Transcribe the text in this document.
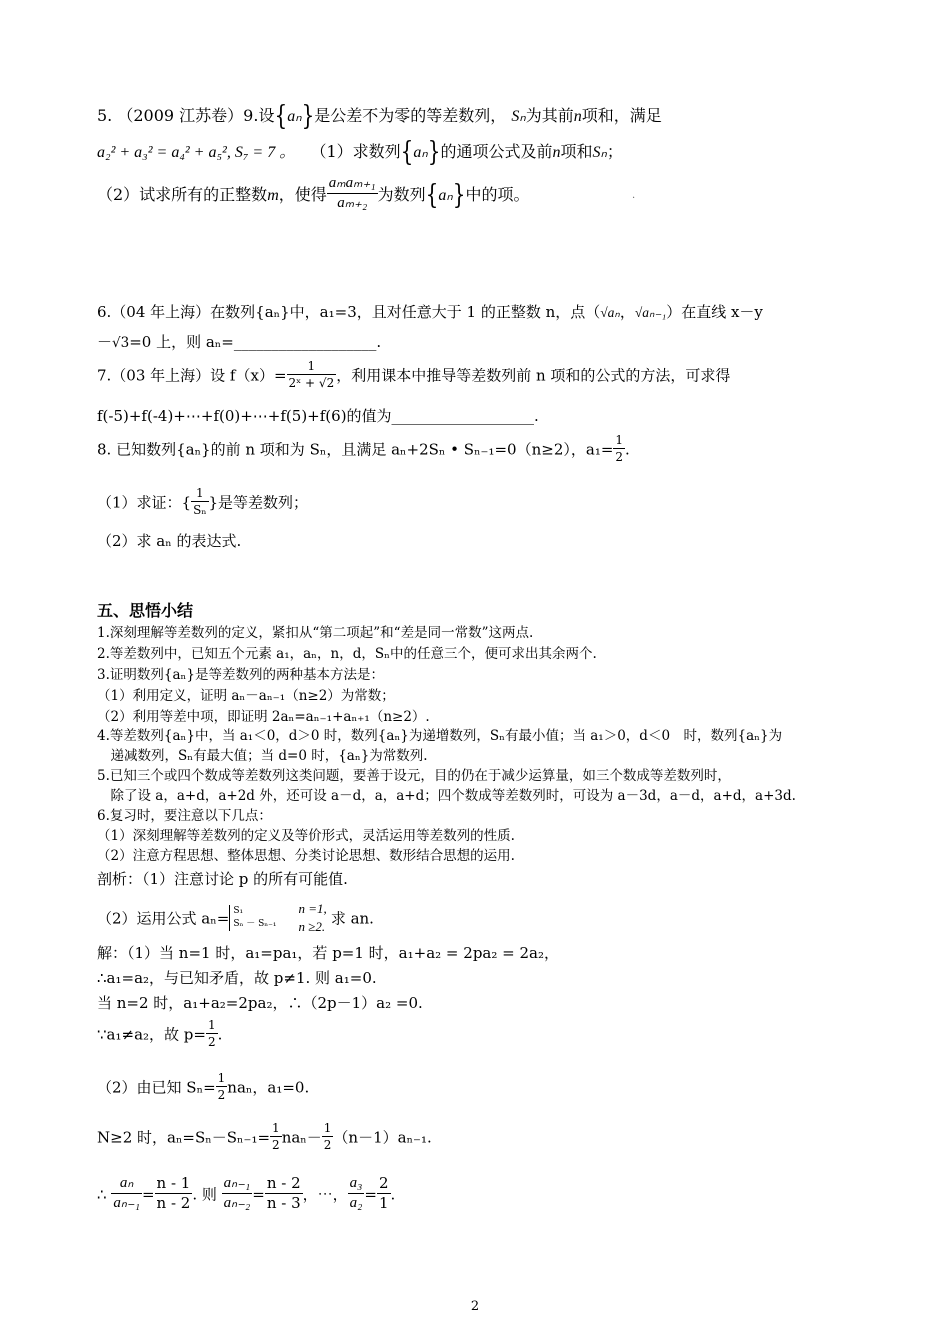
5. （2009 江苏卷）9.设{aₙ}是公差不为零的等差数列， Sₙ为其前n项和，满足
a₂² + a₃² = a₄² + a₅², S₇ = 7 。 （1）求数列{aₙ}的通项公式及前n项和Sₙ；
（2）试求所有的正整数m，使得 $\frac{\text{aₘaₘ₊₁}}{\text{aₘ₊₂}}$ 为数列{aₙ}中的项。	.
6.（04 年上海）在数列{aₙ}中，a₁=3，且对任意大于 1 的正整数 n，点（√aₙ，√aₙ₋₁）在直线 x－y
－√3=0 上，则 aₙ=___________________.
7.（03 年上海）设 $f(x)= \frac{1}{\text{2ˣ + √2}}$ ，利用课本中推导等差数列前 n 项和的公式的方法，可求得
f(-5)+f(-4)+⋯+f(0)+⋯+f(5)+f(6)的值为___________________.
8. 已知数列{aₙ}的前 n 项和为 Sₙ，且满足 aₙ+2Sₙ • Sₙ₋₁=0（n≥2），$a_1= \frac{1}{2}$ .
（1）求证：{ $\frac{1}{\text{Sₙ}}$ }是等差数列；
（2）求 aₙ 的表达式.
五、思悟小结
1.深刻理解等差数列的定义，紧扣从“第二项起”和“差是同一常数”这两点.
2.等差数列中，已知五个元素 a₁，aₙ，n，d，Sₙ中的任意三个，便可求出其余两个.
3.证明数列{aₙ}是等差数列的两种基本方法是：
（1）利用定义，证明 aₙ－aₙ₋₁（n≥2）为常数；
（2）利用等差中项，即证明 2aₙ=aₙ₋₁+aₙ₊₁（n≥2）.
4.等差数列{aₙ}中，当 a₁＜0，d＞0 时，数列{aₙ}为递增数列，Sₙ有最小值；当 a₁＞0，d＜0　时，数列{aₙ}为
　递减数列，Sₙ有最大值；当 d=0 时，{aₙ}为常数列.
5.已知三个或四个数成等差数列这类问题，要善于设元，目的仍在于减少运算量，如三个数成等差数列时，
　除了设 a，a+d，a+2d 外，还可设 a－d，a，a+d；四个数成等差数列时，可设为 a－3d，a－d，a+d，a+3d.
6.复习时，要注意以下几点：
（1）深刻理解等差数列的定义及等价形式，灵活运用等差数列的性质.
（2）注意方程思想、整体思想、分类讨论思想、数形结合思想的运用.
剖析：（1）注意讨论 p 的所有可能值.
（2）运用公式 aₙ= S₁
Sₙ － Sₙ₋₁
n =1,
n ≥2. 求 an.
解：（1）当 n=1 时，a₁=pa₁，若 p=1 时，a₁+a₂ = 2pa₂ = 2a₂，
∴a₁=a₂，与已知矛盾，故 p≠1. 则 a₁=0.
当 n=2 时，a₁+a₂=2pa₂，∴（2p－1）a₂ =0.
∵a₁≠a₂，故 $p= \frac{1}{2}$ .
（2）由已知 $S_n= \frac{1}{2}$ naₙ，a₁=0.
N≥2 时，$a_n=S_n-S_{n-1}= \frac{1}{2} na_n- \frac{1}{2} (n-1)a_{n-1}$.
∴ $\frac{\text{aₙ}}{\text{aₙ₋₁}} = \frac{n - 1}{n - 2}$ . 则 $\frac{\text{aₙ₋₁}}{\text{aₙ₋₂}} = \frac{n - 2}{n - 3}$ ，⋯， $\frac{\text{a₃}}{\text{a₂}} = \frac{2}{1}$ .
2
